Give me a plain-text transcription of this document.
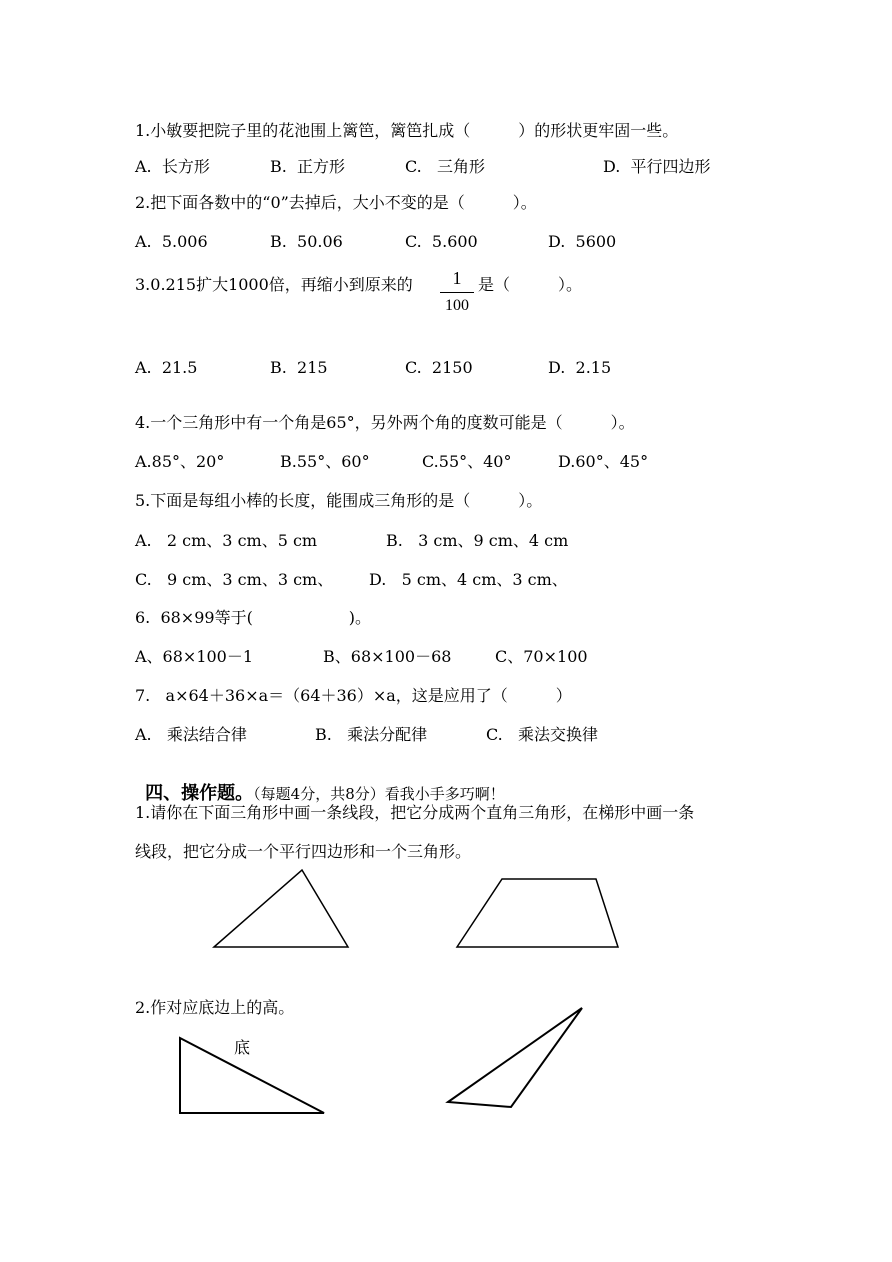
1.小敏要把院子里的花池围上篱笆，篱笆扎成（　　　）的形状更牢固一些。
A.  长方形	B.  正方形	C.   三角形	D.  平行四边形
2.把下面各数中的“0”去掉后，大小不变的是（　　　）。
A.  5.006	B.  50.06	C.  5.600	D.  5600
3.0.215扩大1000倍，再缩小到原来的	1
100
是（　　　）。
A.  21.5	B.  215	C.  2150	D.  2.15
4.一个三角形中有一个角是65°，另外两个角的度数可能是（　　　）。
A.85°、20°	B.55°、60°	C.55°、40°	D.60°、45°
5.下面是每组小棒的长度，能围成三角形的是（　　　）。
A.   2 cm、3 cm、5 cm	B.   3 cm、9 cm、4 cm
C.   9 cm、3 cm、3 cm、 D.   5 cm、4 cm、3 cm、
6.  68×99等于(　　　　　　)。
A、68×100－1	B、68×100－68	C、70×100
7.   a×64＋36×a＝（64＋36）×a，这是应用了（　　　）
A.   乘法结合律	B.   乘法分配律	C.   乘法交换律

四、操作题。（每题4分，共8分）看我小手多巧啊！

1.请你在下面三角形中画一条线段，把它分成两个直角三角形，在梯形中画一条
线段，把它分成一个平行四边形和一个三角形。
2.作对应底边上的高。
底
